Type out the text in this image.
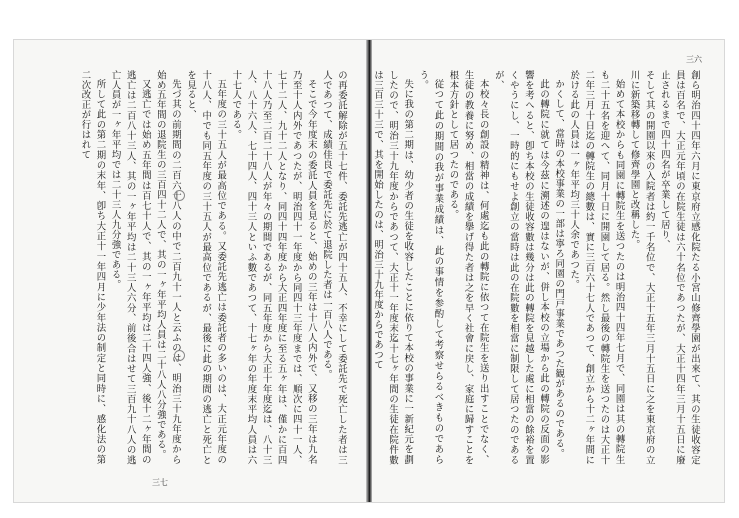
の再委託解除が五十七件、委託先逃亡が四十五人、不幸にして委託先で死亡した者は三人であつて、成績佳良で委託先に於て退院した者は一百八人である。
そこで今年度末の委託人員を見ると、始めの三年は十八人内外で、又移の三年は九名乃至十人内外であつたが、明治四十一年度から同四十三年度までは、順次に四十一人、七十二人、九十二人となり、同四十四年度から大正四年度に至る五ヶ年は、僅かに百四十八人乃至二百二十八人が年々の期間であるが、同五年度から大正十年度迄は、八十三人、八十六人、七十四人、四十三人といふ數であつて、十七ヶ年の年度末平均人員は六十七人である。
五年度の三十五人が最高位である。又委託先逃亡は委託者の多いのは、大正元年度の十八人、中でも同五年度の三十五人が最高位であるが、最後に此の期間の逃亡と死亡とを見ると、
先づ其の前期間の二百六十八人の中で二百九十一人と云ふのは、明治三十九年度から始め五年間の退院生の三百四十二人で、其の一ヶ年平均人員は二十八人八分強である。
又逃亡では始め五年間は百七十人で、其の一ヶ年平均は二十四人強、後十二ヶ年間の逃亡は二百八十三人、其の一ヶ年平均は二十三人六分、前後合はせて三百九十八人の逃亡人員が一ヶ年平均では二十三人九分強である。
所して此の第二期の末年、卽ち大正十一年四月に少年法の制定と同時に、感化法の第二次改正が行はれて
三七
創ら明治四十四年六月に東京府立感化院たる小宮山修齊學園が出來て、其の生徒收容定員は百名で、大正元年頃の在院生徒は六十名位であつたが、大正十四年三月十五日に廢止されるまで四十四名が卒業して居り、
そして其の開園以來の入院者は約一千名位で、大正十五年三月十五日に之を東京府の立川に新築移轉して修齊學園と改稱した。
始めて本校からも同園に轉院生を送つたのは明治四十四年七月で、同園は其の轉院生も二十五名を迎へて、同月十日に開園して居る。然し最後の轉院生を送つたのは大正十二年三月十日迄の轉院生の總數は、實に三百六十七人であつて、創立から十二ヶ年間に於ける此の人員は一ヶ年平均三十人余であつた。
かくして、當時の本校事業の一部は寧ろ同園の門戸事業であつた観があるのである。
此の轉院に就ては今茲に溯述の遑はないが、併し本校の立場から此の轉院の反面の影響を考へると、卽ち本校の生徒收容數は幾分は此の轉院を見越した處に相當の餘裕を置くやうにし、一時的にもせよ創立の當時は此の在院數を相當に制限して居つたのであるが、
本校々長の創設の精神は、何處迄も此の轉院に依つて在院生を送り出すことでなく、生徒の教養に努め、相當の成績を擧げ得た者は之を早く社會に戻し、家庭に歸すことを根本方針として居つたのである。
従つて此の期間の我が事業成績は、此の事情を参酌して考察せらるべきものであらう。
失に我の第二期は、幼少者の生徒を收容したことに依りて本校の事業に一新紀元を劃したので、明治三十九年度からであつて、大正十一年度末迄十七ヶ年間の生徒在院件數は三百三十三で、其を開始したのは、明治三十九年度からであつて
三六
